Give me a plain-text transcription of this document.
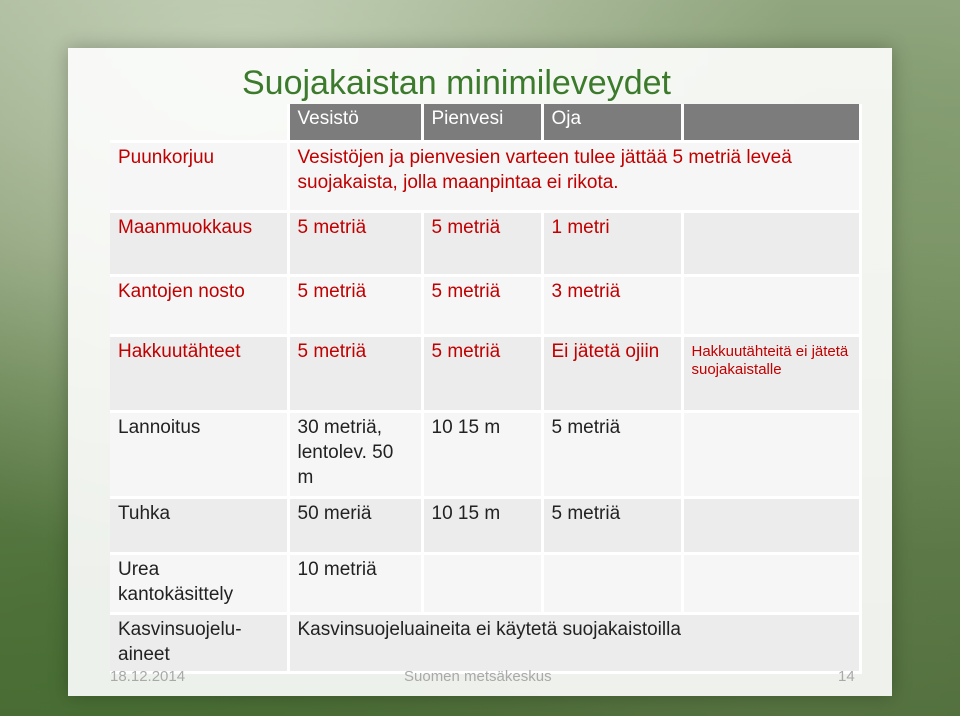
Suojakaistan minimileveydet
	Vesistö	Pienvesi	Oja	
Puunkorjuu	Vesistöjen ja pienvesien varteen tulee jättää 5 metriä leveä suojakaista, jolla maanpintaa ei rikota.			
Maanmuokkaus	5 metriä	5 metriä	1 metri	
Kantojen nosto	5 metriä	5 metriä	3 metriä	
Hakkuutähteet	5 metriä	5 metriä	Ei jätetä ojiin	Hakkuutähteitä ei jätetä suojakaistalle
Lannoitus	30 metriä, lentolev. 50 m	10 15 m	5 metriä	
Tuhka	50 meriä	10 15 m	5 metriä	
Urea kantokäsittely	10 metriä			
Kasvinsuojelu-aineet	Kasvinsuojeluaineita ei käytetä suojakaistoilla			
18.12.2014	Suomen metsäkeskus	14
